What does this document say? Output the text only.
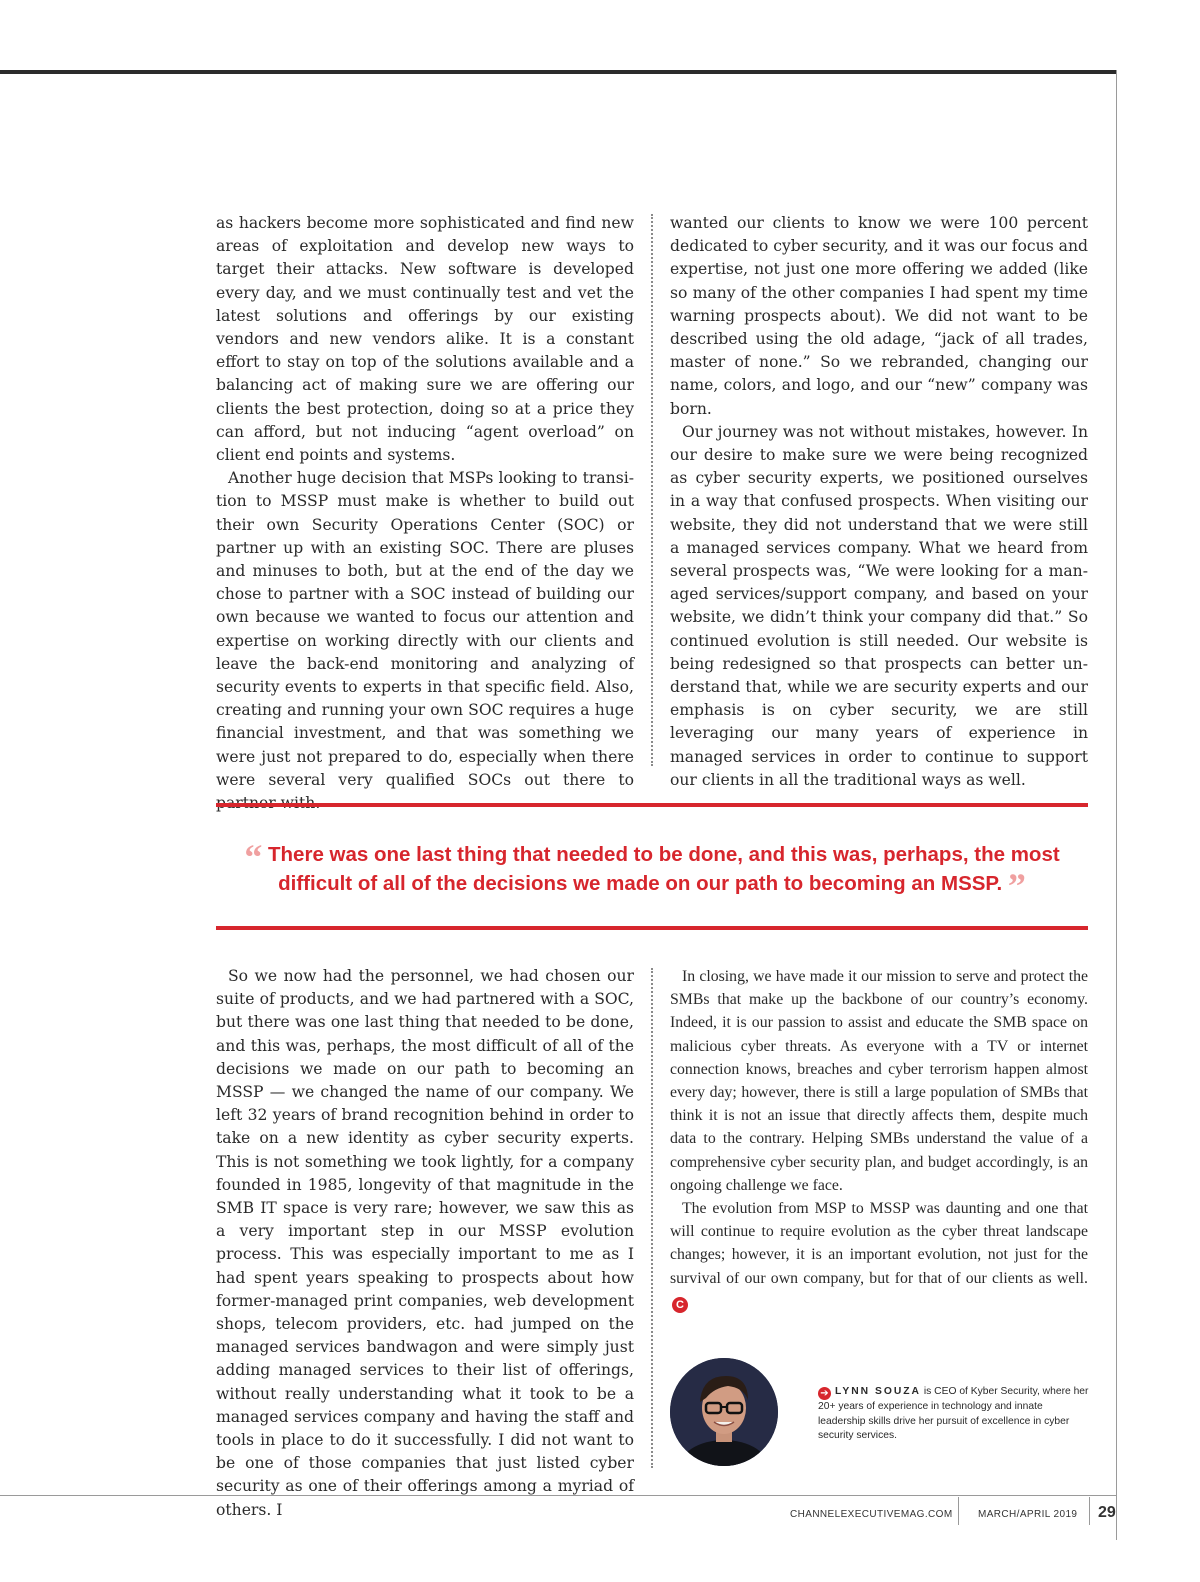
as hackers become more sophisticated and find new areas of exploitation and develop new ways to target their attacks. New software is developed every day, and we must continually test and vet the latest solutions and offerings by our existing vendors and new vendors alike. It is a constant effort to stay on top of the solutions available and a balancing act of making sure we are offering our clients the best protection, doing so at a price they can afford, but not inducing “agent overload” on client end points and systems.

Another huge decision that MSPs looking to transition to MSSP must make is whether to build out their own Security Operations Center (SOC) or partner up with an existing SOC. There are pluses and minuses to both, but at the end of the day we chose to partner with a SOC instead of building our own because we wanted to focus our attention and expertise on working directly with our clients and leave the back-end monitoring and analyzing of security events to experts in that specific field. Also, creating and running your own SOC requires a huge financial investment, and that was something we were just not prepared to do, especially when there were several very qualified SOCs out there to

wanted our clients to know we were 100 percent dedicated to cyber security, and it was our focus and expertise, not just one more offering we added (like so many of the other companies I had spent my time warning prospects about). We did not want to be described using the old adage, “jack of all trades, master of none.” So we rebranded, changing our name, colors, and logo, and our “new” company was born.

Our journey was not without mistakes, however. In our desire to make sure we were being recognized as cyber security experts, we positioned ourselves in a way that confused prospects. When visiting our website, they did not understand that we were still a managed services company. What we heard from several prospects was, “We were looking for a managed services/support company, and based on your website, we didn’t think your company did that.” So continued evolution is still needed. Our website is being redesigned so that prospects can better understand that, while we are security experts and our emphasis is on cyber security, we are still leveraging our many years of experience in managed services in order to continue to support our clients in all the traditional ways as well.

“ There was one last thing that needed to be done, and this was, perhaps, the most difficult of all of the decisions we made on our path to becoming an MSSP. ”

So we now had the personnel, we had chosen our suite of products, and we had partnered with a SOC, but there was one last thing that needed to be done, and this was, perhaps, the most difficult of all of the decisions we made on our path to becoming an MSSP — we changed the name of our company. We left 32 years of brand recognition behind in order to take on a new identity as cyber security experts. This is not something we took lightly, for a company founded in 1985, longevity of that magnitude in the SMB IT space is very rare; however, we saw this as a very important step in our MSSP evolution process. This was especially important to me as I had spent years speaking to prospects about how former-managed print companies, web development shops, telecom providers, etc. had jumped on the managed services bandwagon and were simply just adding managed services to their list of offerings, without really understanding what it took to be a managed services company and having the staff and tools in place to do it successfully. I did not want to be one of those companies that just listed cyber security as one of their offerings among a myriad of others. I

In closing, we have made it our mission to serve and protect the SMBs that make up the backbone of our country’s economy. Indeed, it is our passion to assist and educate the SMB space on malicious cyber threats. As everyone with a TV or internet connection knows, breaches and cyber terrorism happen almost every day; however, there is still a large population of SMBs that think it is not an issue that directly affects them, despite much data to the contrary. Helping SMBs understand the value of a comprehensive cyber security plan, and budget accordingly, is an ongoing challenge we face.

The evolution from MSP to MSSP was daunting and one that will continue to require evolution as the cyber threat landscape changes; however, it is an important evolution, not just for the survival of our own company, but for that of our clients as well.C

➔ LYNN SOUZA is CEO of Kyber Security, where her 20+ years of experience in technology and innate leadership skills drive her pursuit of excellence in cyber security services.
CHANNELEXECUTIVEMAG.COM	MARCH/APRIL 2019 29
